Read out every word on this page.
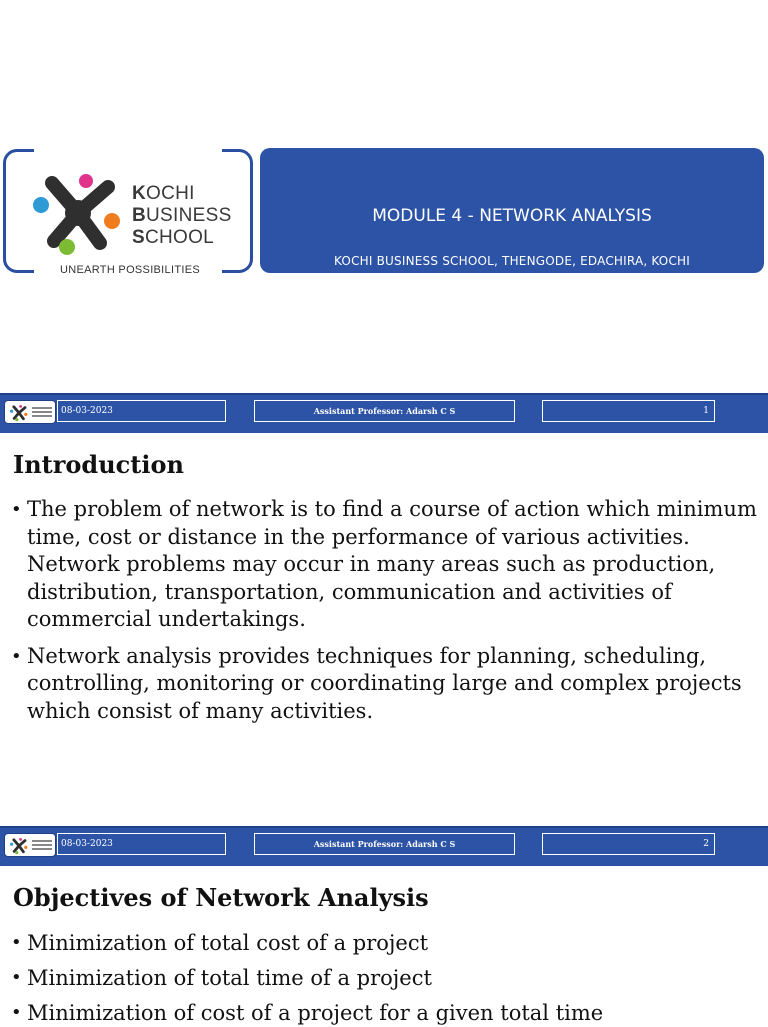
KOCHI
BUSINESS
SCHOOL
UNEARTH POSSIBILITIES
MODULE 4 - NETWORK ANALYSIS
KOCHI BUSINESS SCHOOL, THENGODE, EDACHIRA, KOCHI
08-03-2023	Assistant Professor: Adarsh C S	1
Introduction
• The problem of network is to find a course of action which minimum time, cost or distance in the performance of various activities. Network problems may occur in many areas such as production, distribution, transportation, communication and activities of commercial undertakings.
• Network analysis provides techniques for planning, scheduling, controlling, monitoring or coordinating large and complex projects which consist of many activities.
08-03-2023	Assistant Professor: Adarsh C S	2
Objectives of Network Analysis
• Minimization of total cost of a project
• Minimization of total time of a project
• Minimization of cost of a project for a given total time
